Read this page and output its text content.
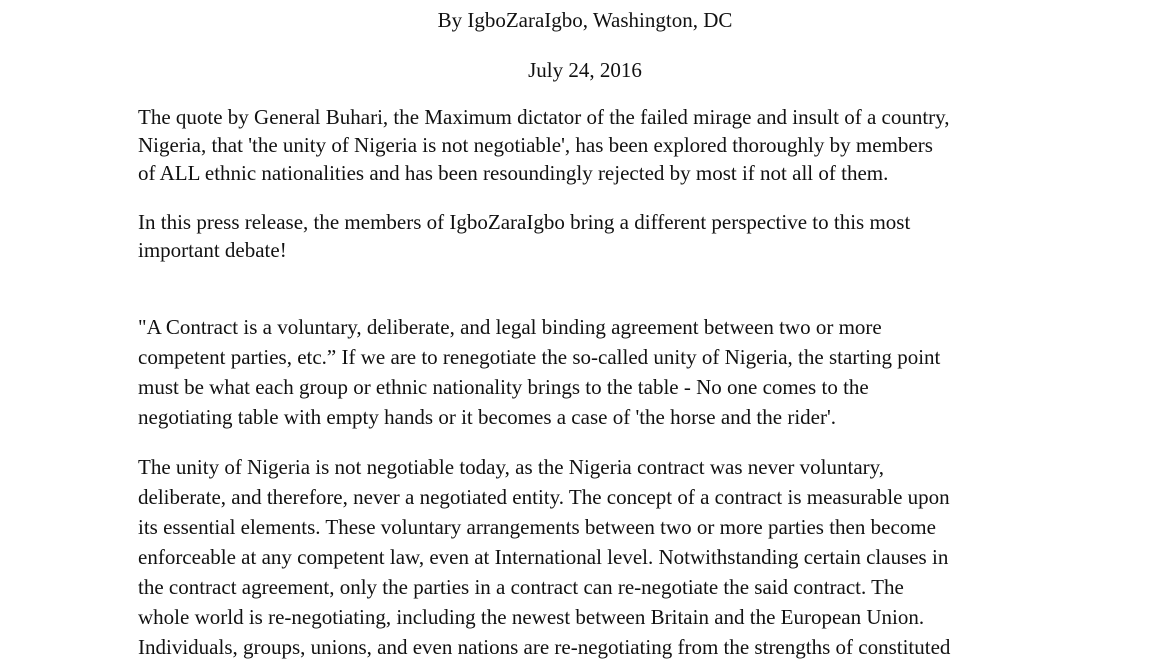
By IgboZaraIgbo, Washington, DC

July 24, 2016

The quote by General Buhari, the Maximum dictator of the failed mirage and insult of a country,
Nigeria, that 'the unity of Nigeria is not negotiable', has been explored thoroughly by members
of ALL ethnic nationalities and has been resoundingly rejected by most if not all of them.

In this press release, the members of IgboZaraIgbo bring a different perspective to this most
important debate!

"A Contract is a voluntary, deliberate, and legal binding agreement between two or more
competent parties, etc.” If we are to renegotiate the so-called unity of Nigeria, the starting point
must be what each group or ethnic nationality brings to the table - No one comes to the
negotiating table with empty hands or it becomes a case of 'the horse and the rider'.

The unity of Nigeria is not negotiable today, as the Nigeria contract was never voluntary,
deliberate, and therefore, never a negotiated entity. The concept of a contract is measurable upon
its essential elements. These voluntary arrangements between two or more parties then become
enforceable at any competent law, even at International level. Notwithstanding certain clauses in
the contract agreement, only the parties in a contract can re-negotiate the said contract. The
whole world is re-negotiating, including the newest between Britain and the European Union.
Individuals, groups, unions, and even nations are re-negotiating from the strengths of constituted
